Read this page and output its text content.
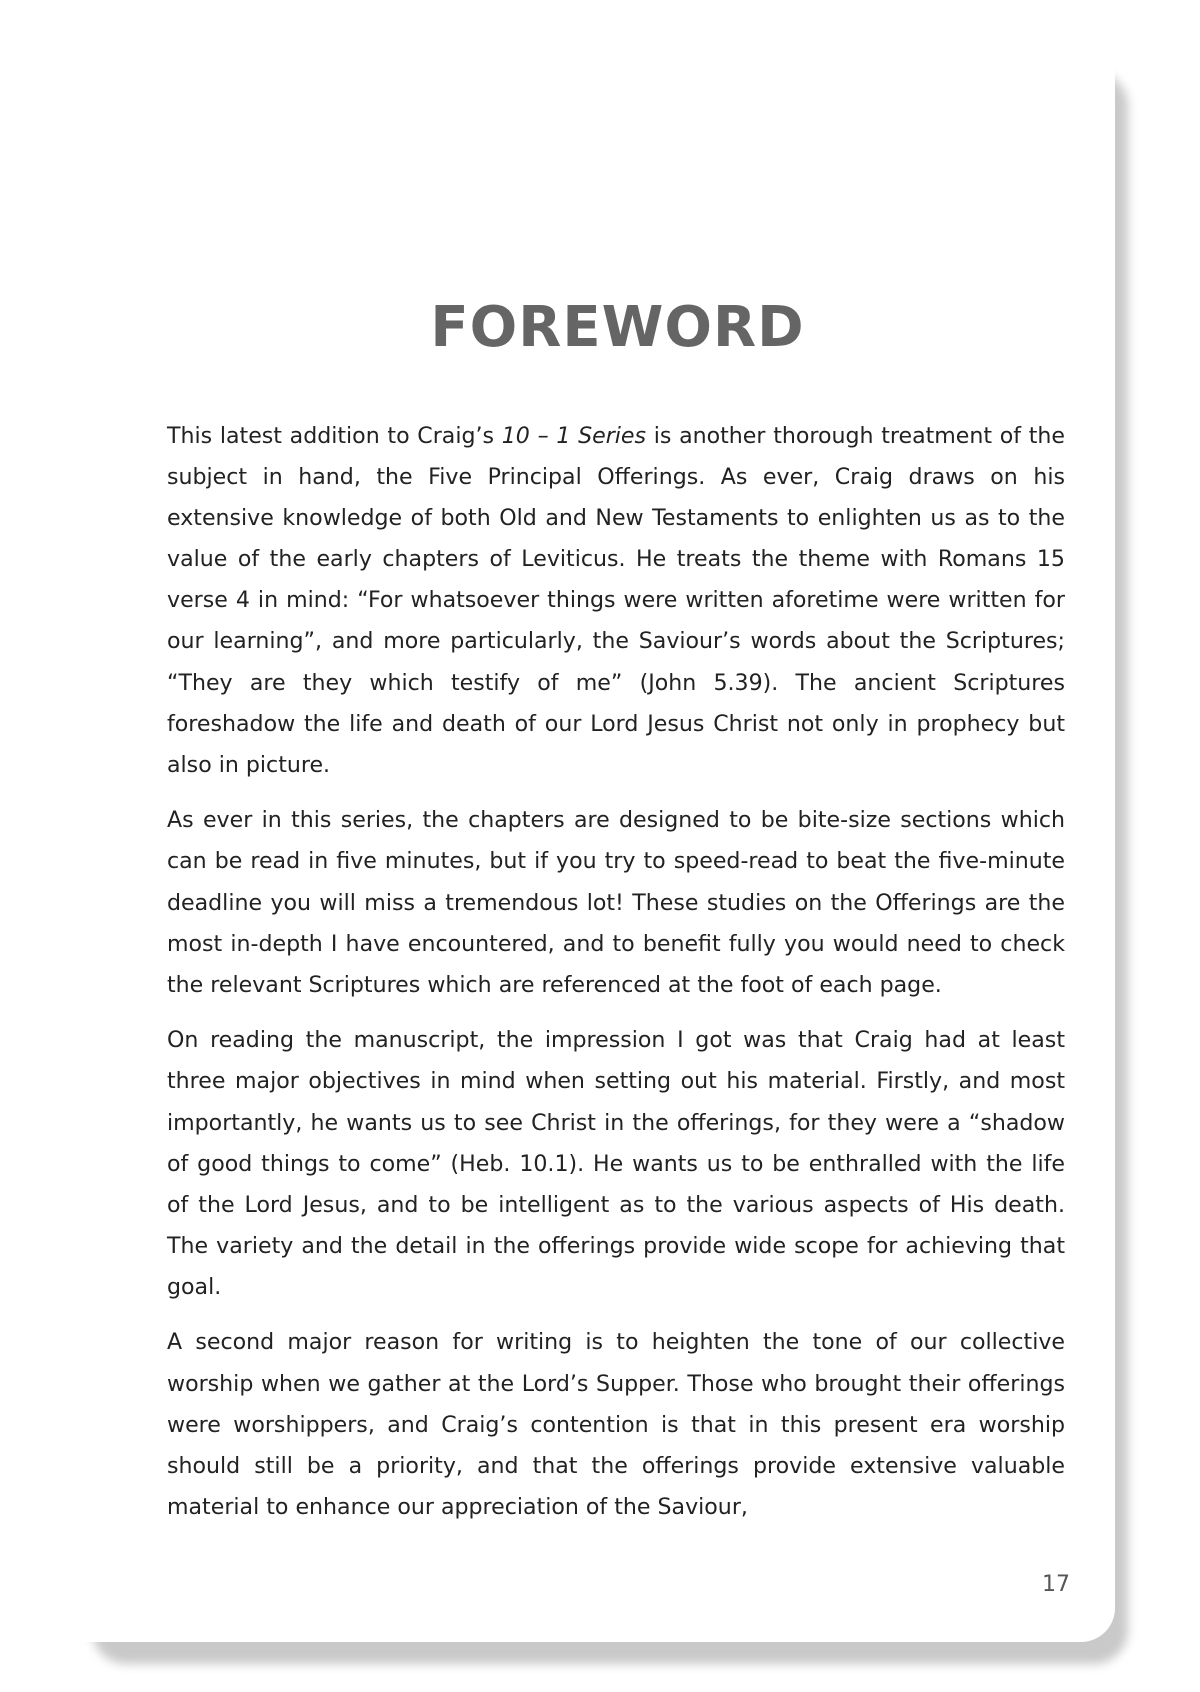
FOREWORD

This latest addition to Craig’s 10 – 1 Series is another thorough treatment of the subject in hand, the Five Principal Offerings. As ever, Craig draws on his extensive knowledge of both Old and New Testaments to enlighten us as to the value of the early chapters of Leviticus. He treats the theme with Romans 15 verse 4 in mind: “For whatsoever things were written aforetime were written for our learning”, and more particularly, the Saviour’s words about the Scriptures; “They are they which testify of me” (John 5.39). The ancient Scriptures foreshadow the life and death of our Lord Jesus Christ not only in prophecy but also in picture.

As ever in this series, the chapters are designed to be bite-size sections which can be read in five minutes, but if you try to speed-read to beat the five-minute deadline you will miss a tremendous lot! These studies on the Offerings are the most in-depth I have encountered, and to benefit fully you would need to check the relevant Scriptures which are referenced at the foot of each page.

On reading the manuscript, the impression I got was that Craig had at least three major objectives in mind when setting out his material. Firstly, and most importantly, he wants us to see Christ in the offerings, for they were a “shadow of good things to come” (Heb. 10.1). He wants us to be enthralled with the life of the Lord Jesus, and to be intelligent as to the various aspects of His death. The variety and the detail in the offerings provide wide scope for achieving that goal.

A second major reason for writing is to heighten the tone of our collective worship when we gather at the Lord’s Supper. Those who brought their offerings were worshippers, and Craig’s contention is that in this present era worship should still be a priority, and that the offerings provide extensive valuable material to enhance our appreciation of the Saviour,

17
